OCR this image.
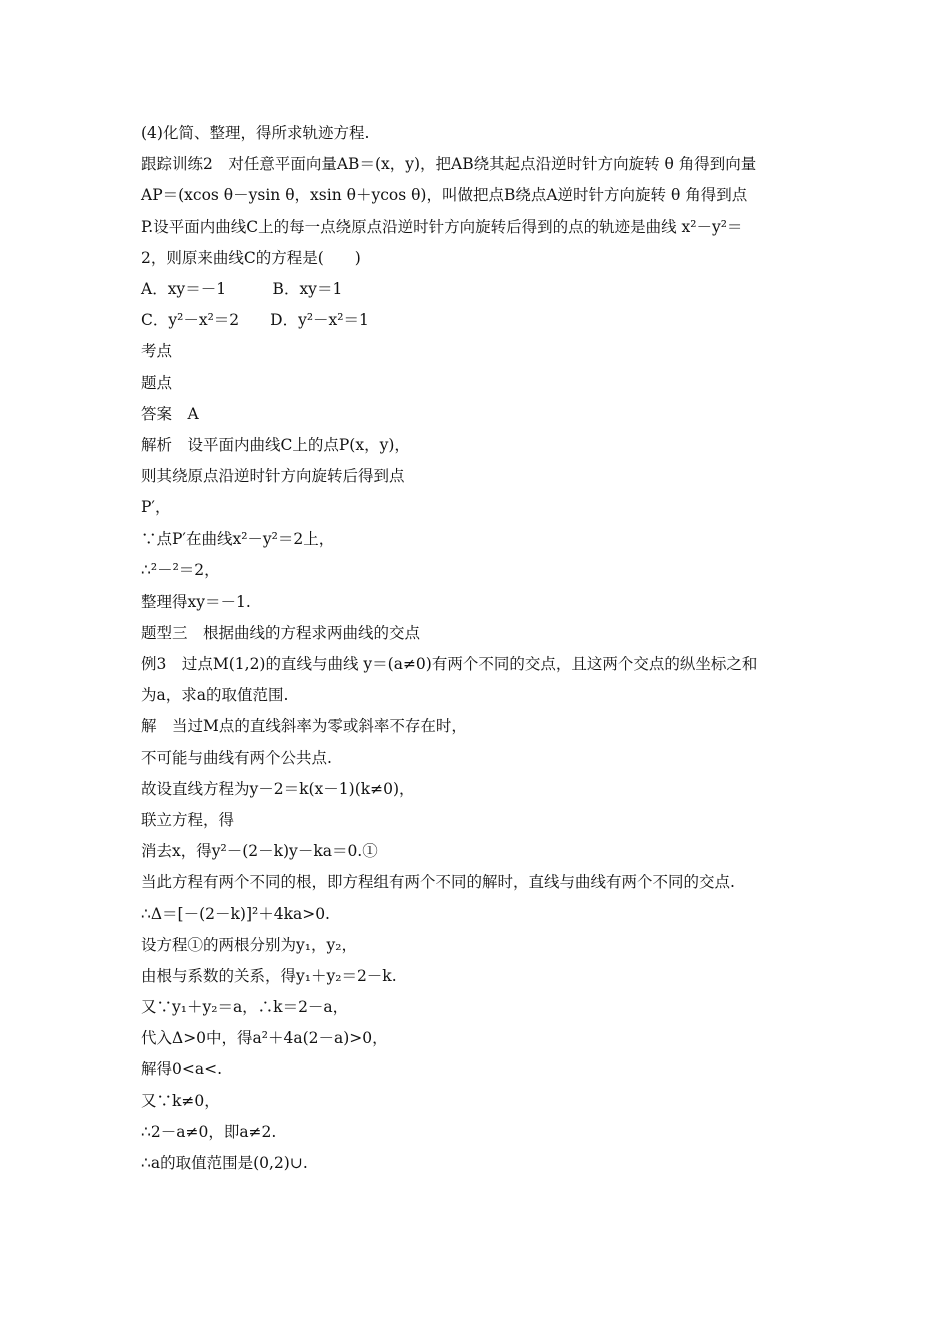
(4)化简、整理，得所求轨迹方程.
跟踪训练2　对任意平面向量AB＝(x，y)，把AB绕其起点沿逆时针方向旋转 θ 角得到向量
AP＝(xcos θ－ysin θ，xsin θ＋ycos θ)，叫做把点B绕点A逆时针方向旋转 θ 角得到点
P.设平面内曲线C上的每一点绕原点沿逆时针方向旋转后得到的点的轨迹是曲线 x²－y²＝
2，则原来曲线C的方程是(　　)
A．xy＝－1　　　B．xy＝1
C．y²－x²＝2　　D．y²－x²＝1
考点
题点
答案　A
解析　设平面内曲线C上的点P(x，y)，
则其绕原点沿逆时针方向旋转后得到点
P′，
∵点P′在曲线x²－y²＝2上，
∴²－²＝2，
整理得xy＝－1.
题型三　根据曲线的方程求两曲线的交点
例3　过点M(1,2)的直线与曲线 y＝(a≠0)有两个不同的交点，且这两个交点的纵坐标之和
为a，求a的取值范围.
解　当过M点的直线斜率为零或斜率不存在时，
不可能与曲线有两个公共点.
故设直线方程为y－2＝k(x－1)(k≠0)，
联立方程，得
消去x，得y²－(2－k)y－ka＝0.①
当此方程有两个不同的根，即方程组有两个不同的解时，直线与曲线有两个不同的交点.
∴Δ＝[－(2－k)]²＋4ka>0.
设方程①的两根分别为y₁，y₂，
由根与系数的关系，得y₁＋y₂＝2－k.
又∵y₁＋y₂＝a，∴k＝2－a，
代入Δ>0中，得a²＋4a(2－a)>0，
解得0<a<.
又∵k≠0，
∴2－a≠0，即a≠2.
∴a的取值范围是(0,2)∪.
